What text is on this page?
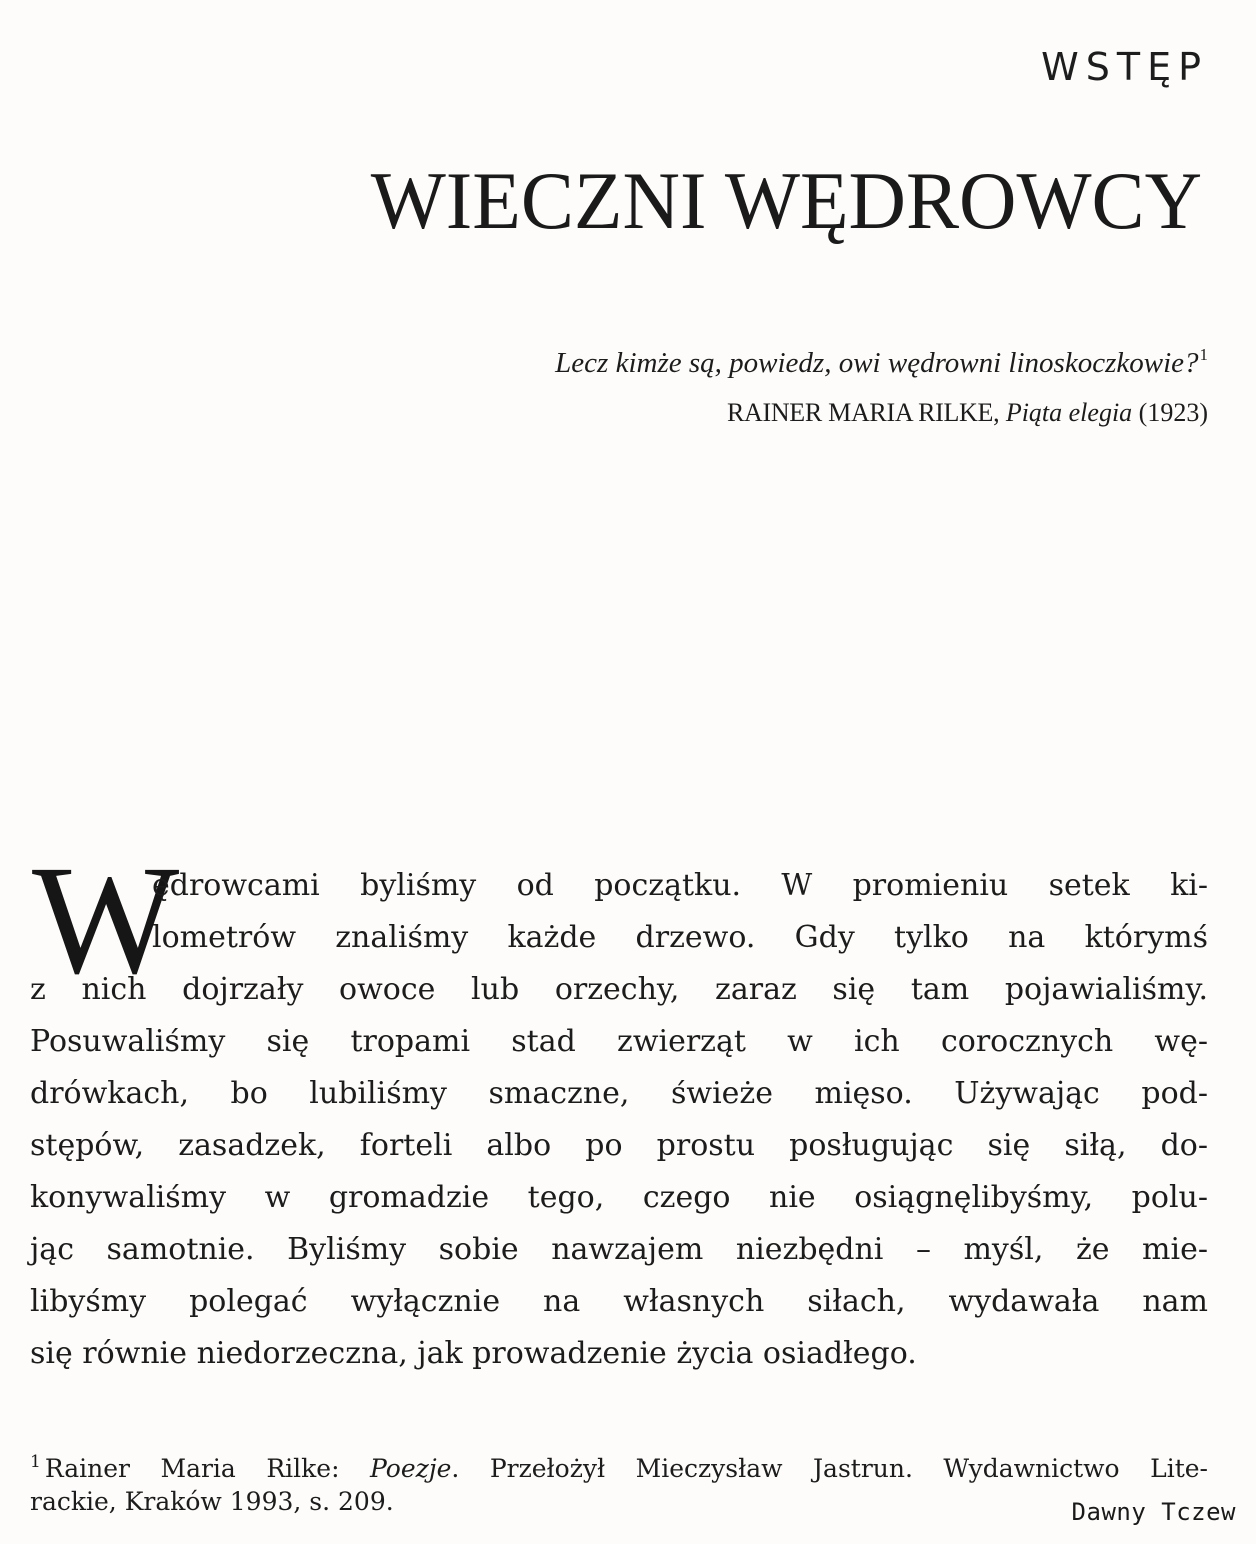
WSTĘP
WIECZNI WĘDROWCY
Lecz kimże są, powiedz, owi wędrowni linoskoczkowie?$^1$
RAINER MARIA RILKE, Piąta elegia (1923)
W
ędrowcami byliśmy od początku. W promieniu setek ki-
lometrów znaliśmy każde drzewo. Gdy tylko na którymś
z nich dojrzały owoce lub orzechy, zaraz się tam pojawialiśmy.
Posuwaliśmy się tropami stad zwierząt w ich corocznych wę-
drówkach, bo lubiliśmy smaczne, świeże mięso. Używając pod-
stępów, zasadzek, forteli albo po prostu posługując się siłą, do-
konywaliśmy w gromadzie tego, czego nie osiągnęlibyśmy, polu-
jąc samotnie. Byliśmy sobie nawzajem niezbędni – myśl, że mie-
libyśmy polegać wyłącznie na własnych siłach, wydawała nam
się równie niedorzeczna, jak prowadzenie życia osiadłego.
$^1$ Rainer Maria Rilke: Poezje. Przełożył Mieczysław Jastrun. Wydawnictwo Lite-
rackie, Kraków 1993, s. 209.	Dawny Tczew
